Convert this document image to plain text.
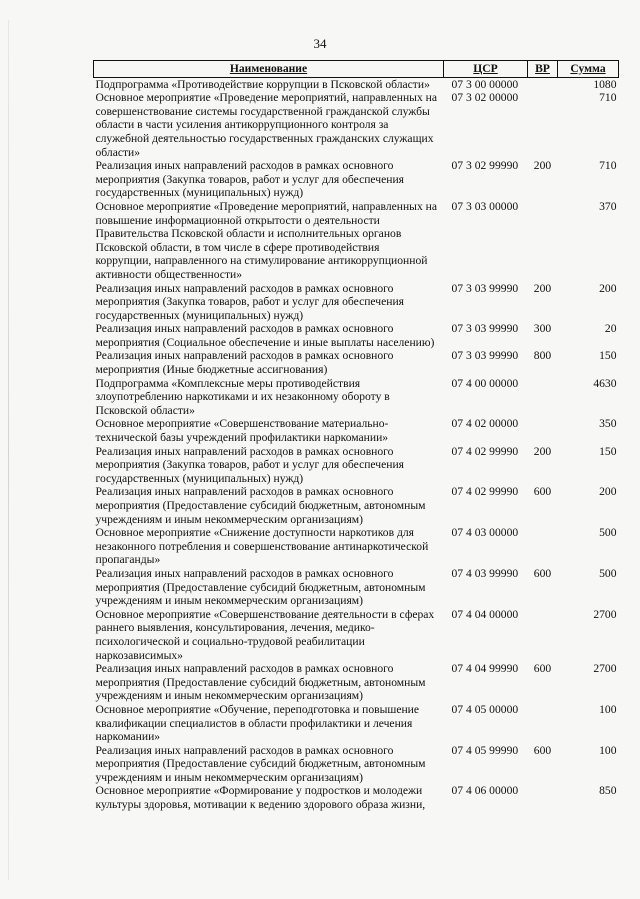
34
Наименование	ЦСР	ВР	Сумма
Подпрограмма «Противодействие коррупции в Псковской области»	07 3 00 00000		1080
Основное мероприятие «Проведение мероприятий, направленных на совершенствование системы государственной гражданской службы области в части усиления антикоррупционного контроля за служебной деятельностью государственных гражданских служащих области»	07 3 02 00000		710
Реализация иных направлений расходов в рамках основного мероприятия (Закупка товаров, работ и услуг для обеспечения государственных (муниципальных) нужд)	07 3 02 99990	200	710
Основное мероприятие «Проведение мероприятий, направленных на повышение информационной открытости о деятельности Правительства Псковской области и исполнительных органов Псковской области, в том числе в сфере противодействия коррупции, направленного на стимулирование антикоррупционной активности общественности»	07 3 03 00000		370
Реализация иных направлений расходов в рамках основного мероприятия (Закупка товаров, работ и услуг для обеспечения государственных (муниципальных) нужд)	07 3 03 99990	200	200
Реализация иных направлений расходов в рамках основного мероприятия (Социальное обеспечение и иные выплаты населению)	07 3 03 99990	300	20
Реализация иных направлений расходов в рамках основного мероприятия (Иные бюджетные ассигнования)	07 3 03 99990	800	150
Подпрограмма «Комплексные меры противодействия злоупотреблению наркотиками и их незаконному обороту в Псковской области»	07 4 00 00000		4630
Основное мероприятие «Совершенствование материально-технической базы учреждений профилактики наркомании»	07 4 02 00000		350
Реализация иных направлений расходов в рамках основного мероприятия (Закупка товаров, работ и услуг для обеспечения государственных (муниципальных) нужд)	07 4 02 99990	200	150
Реализация иных направлений расходов в рамках основного мероприятия (Предоставление субсидий бюджетным, автономным учреждениям и иным некоммерческим организациям)	07 4 02 99990	600	200
Основное мероприятие «Снижение доступности наркотиков для незаконного потребления и совершенствование антинаркотической пропаганды»	07 4 03 00000		500
Реализация иных направлений расходов в рамках основного мероприятия (Предоставление субсидий бюджетным, автономным учреждениям и иным некоммерческим организациям)	07 4 03 99990	600	500
Основное мероприятие «Совершенствование деятельности в сферах раннего выявления, консультирования, лечения, медико-психологической и социально-трудовой реабилитации наркозависимых»	07 4 04 00000		2700
Реализация иных направлений расходов в рамках основного мероприятия (Предоставление субсидий бюджетным, автономным учреждениям и иным некоммерческим организациям)	07 4 04 99990	600	2700
Основное мероприятие «Обучение, переподготовка и повышение квалификации специалистов в области профилактики и лечения наркомании»	07 4 05 00000		100
Реализация иных направлений расходов в рамках основного мероприятия (Предоставление субсидий бюджетным, автономным учреждениям и иным некоммерческим организациям)	07 4 05 99990	600	100
Основное мероприятие «Формирование у подростков и молодежи культуры здоровья, мотивации к ведению здорового образа жизни,	07 4 06 00000		850
